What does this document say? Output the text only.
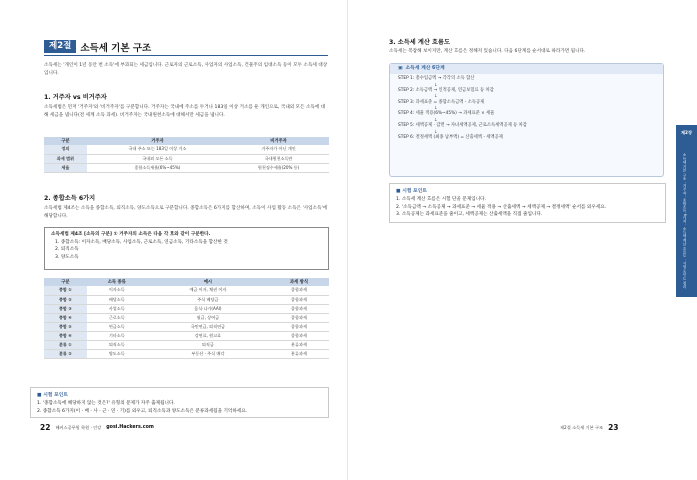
제2절 소득세 기본 구조

소득세는 '개인이 1년 동안 번 소득'에 부과되는 세금입니다. 근로자의 근로소득, 사업자의 사업소득, 건물주의 임대소득 등이 모두 소득세 대상입니다.

1. 거주자 vs 비거주자

소득세법은 먼저 '거주자'와 '비거주자'를 구분합니다. 거주자는 국내에 주소를 두거나 183일 이상 거소를 둔 개인으로, 국내외 모든 소득에 대해 세금을 냅니다(전 세계 소득 과세). 비거주자는 국내원천소득에 대해서만 세금을 냅니다.

구분	거주자	비거주자
정의	국내 주소 또는 183일 이상 거소	거주자가 아닌 개인
과세 범위	국내외 모든 소득	국내원천소득만
세율	종합소득세율(6%~45%)	원천징수세율(20% 등)
2. 종합소득 6가지

소득세법 제4조는 소득을 종합소득, 퇴직소득, 양도소득으로 구분합니다. 종합소득은 6가지를 합산하며, 소득이 사업 활동 소득은 '사업소득'에 해당합니다.

소득세법 제4조 [소득의 구분] ① 거주자의 소득은 다음 각 호와 같이 구분한다.
1. 종합소득: 이자소득, 배당소득, 사업소득, 근로소득, 연금소득, 기타소득을 합산한 것
2. 퇴직소득
3. 양도소득
구분	소득 종류	예시	과세 방식
종합 ①	이자소득	예금 이자, 채권 이자	종합과세
종합 ②	배당소득	주식 배당금	종합과세
종합 ③	사업소득	음식·나가(AAI)	종합과세
종합 ④	근로소득	월급, 상여금	종합과세
종합 ⑤	연금소득	국민연금, 퇴직연금	종합과세
종합 ⑥	기타소득	강연료, 원고료	종합과세
분류 ①	퇴직소득	퇴직금	분류과세
분류 ②	양도소득	부동산 · 주식 매각	분류과세
■ 시험 포인트
1. '종합소득에 해당하지 않는 것은?' 유형의 문제가 자주 출제됩니다.
2. 종합소득 6가지(이 · 배 · 사 · 근 · 연 · 기)를 외우고, 퇴직소득과 양도소득은 분류과세됨을 기억하세요.
22 해커스공무원 학원 · 인강 gosi.Hackers.com
3. 소득세 계산 흐름도

소득세는 복잡해 보이지만, 계산 흐름은 정해져 있습니다. 다음 6단계를 순서대로 따라가면 됩니다.

▣ 소득세 계산 6단계
STEP 1: 총수입금액 → 각각의 소득 합산
↓
STEP 2: 소득금액 → 인적공제, 연금보험료 등 차감
↓
STEP 3: 과세표준 = 종합소득금액 - 소득공제
↓
STEP 4: 세율 적용(6%~45%) → 과세표준 × 세율
↓
STEP 5: 세액공제 · 감면 → 자녀세액공제, 근로소득세액공제 등 차감
↓
STEP 6: 결정세액 (최종 납부액) = 산출세액 - 세액공제
■ 시험 포인트
1. 소득세 계산 흐름은 시험 단골 문제입니다.
2. '소득금액 → 소득공제 → 과세표준 → 세율 적용 → 산출세액 → 세액공제 → 결정세액' 순서를 외우세요.
3. 소득공제는 과세표준을 줄이고, 세액공제는 산출세액을 직접 줄입니다.
제2장
소득세 기본 구조 · 거주자 · 종합소득 6가지 · 소득세 계산 흐름도 · 시험 포인트 정리
제2절 소득세 기본 구조 23
